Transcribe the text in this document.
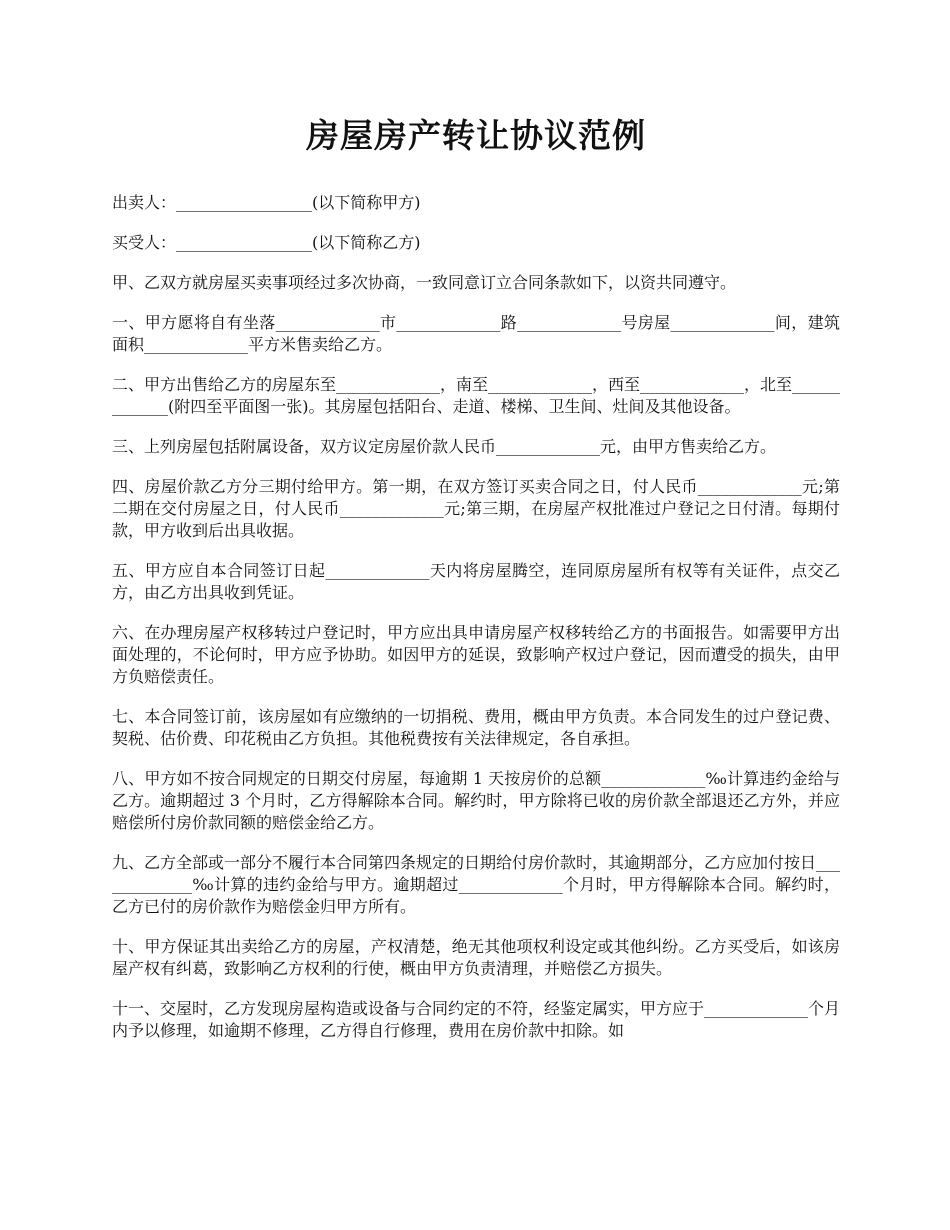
房屋房产转让协议范例

出卖人：_________________(以下简称甲方)

买受人：_________________(以下简称乙方)

甲、乙双方就房屋买卖事项经过多次协商，一致同意订立合同条款如下，以资共同遵守。

一、甲方愿将自有坐落_____________市_____________路_____________号房屋_____________间，建筑面积_____________平方米售卖给乙方。

二、甲方出售给乙方的房屋东至_____________，南至_____________，西至_____________，北至_____________(附四至平面图一张)。其房屋包括阳台、走道、楼梯、卫生间、灶间及其他设备。

三、上列房屋包括附属设备，双方议定房屋价款人民币_____________元，由甲方售卖给乙方。

四、房屋价款乙方分三期付给甲方。第一期，在双方签订买卖合同之日，付人民币_____________元;第二期在交付房屋之日，付人民币_____________元;第三期，在房屋产权批准过户登记之日付清。每期付款，甲方收到后出具收据。

五、甲方应自本合同签订日起_____________天内将房屋腾空，连同原房屋所有权等有关证件，点交乙方，由乙方出具收到凭证。

六、在办理房屋产权移转过户登记时，甲方应出具申请房屋产权移转给乙方的书面报告。如需要甲方出面处理的，不论何时，甲方应予协助。如因甲方的延误，致影响产权过户登记，因而遭受的损失，由甲方负赔偿责任。

七、本合同签订前，该房屋如有应缴纳的一切捐税、费用，概由甲方负责。本合同发生的过户登记费、契税、估价费、印花税由乙方负担。其他税费按有关法律规定，各自承担。

八、甲方如不按合同规定的日期交付房屋，每逾期 1 天按房价的总额_____________‰计算违约金给与乙方。逾期超过 3 个月时，乙方得解除本合同。解约时，甲方除将已收的房价款全部退还乙方外，并应赔偿所付房价款同额的赔偿金给乙方。

九、乙方全部或一部分不履行本合同第四条规定的日期给付房价款时，其逾期部分，乙方应加付按日_____________‰计算的违约金给与甲方。逾期超过_____________个月时，甲方得解除本合同。解约时，乙方已付的房价款作为赔偿金归甲方所有。

十、甲方保证其出卖给乙方的房屋，产权清楚，绝无其他项权利设定或其他纠纷。乙方买受后，如该房屋产权有纠葛，致影响乙方权利的行使，概由甲方负责清理，并赔偿乙方损失。

十一、交屋时，乙方发现房屋构造或设备与合同约定的不符，经鉴定属实，甲方应于_____________个月内予以修理，如逾期不修理，乙方得自行修理，费用在房价款中扣除。如
